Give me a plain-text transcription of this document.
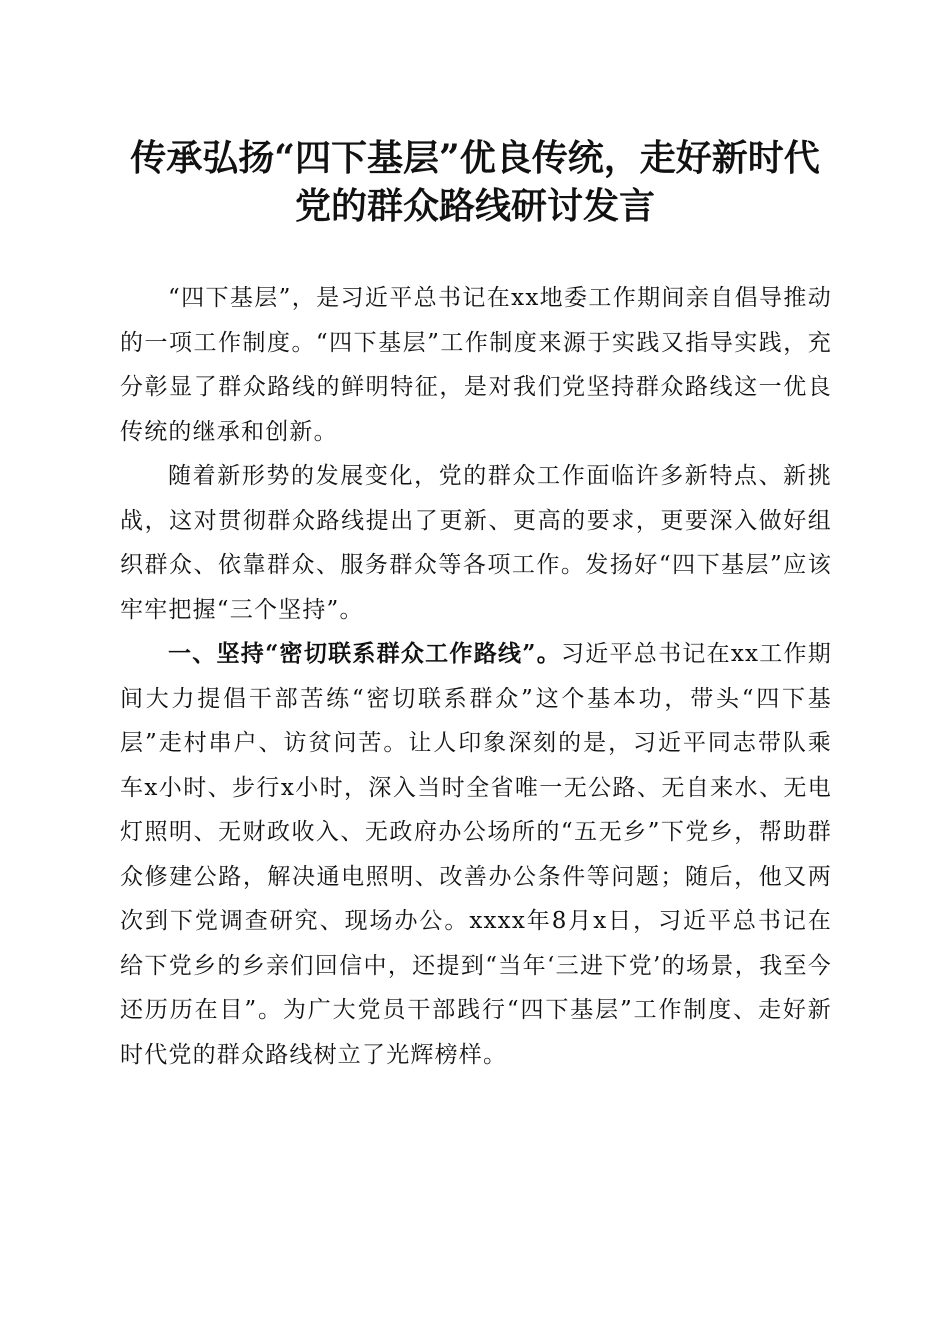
传承弘扬“四下基层”优良传统，走好新时代
党的群众路线研讨发言

“四下基层”，是习近平总书记在xx地委工作期间亲自倡导推动的一项工作制度。“四下基层”工作制度来源于实践又指导实践，充分彰显了群众路线的鲜明特征，是对我们党坚持群众路线这一优良传统的继承和创新。

随着新形势的发展变化，党的群众工作面临许多新特点、新挑战，这对贯彻群众路线提出了更新、更高的要求，更要深入做好组织群众、依靠群众、服务群众等各项工作。发扬好“四下基层”应该牢牢把握“三个坚持”。

一、坚持“密切联系群众工作路线”。习近平总书记在xx工作期间大力提倡干部苦练“密切联系群众”这个基本功，带头“四下基层”走村串户、访贫问苦。让人印象深刻的是，习近平同志带队乘车x小时、步行x小时，深入当时全省唯一无公路、无自来水、无电灯照明、无财政收入、无政府办公场所的“五无乡”下党乡，帮助群众修建公路，解决通电照明、改善办公条件等问题；随后，他又两次到下党调查研究、现场办公。xxxx年8月x日，习近平总书记在给下党乡的乡亲们回信中，还提到“当年‘三进下党’的场景，我至今还历历在目”。为广大党员干部践行“四下基层”工作制度、走好新时代党的群众路线树立了光辉榜样。
